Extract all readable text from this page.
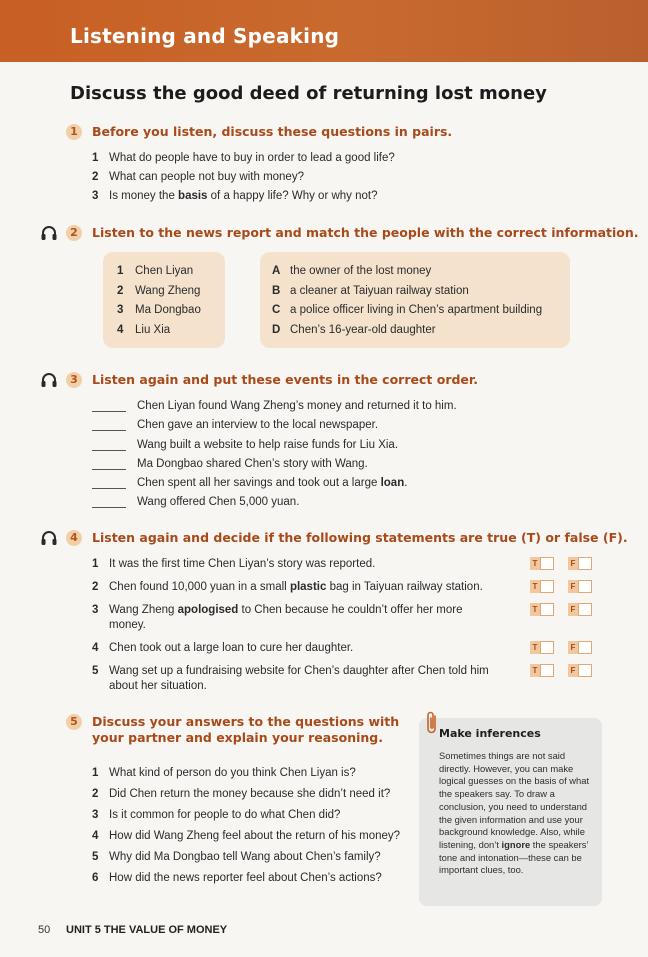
Listening and Speaking
Discuss the good deed of returning lost money
1	Before you listen, discuss these questions in pairs.
1 What do people have to buy in order to lead a good life?
2 What can people not buy with money?
3 Is money the basis of a happy life? Why or why not?
2	Listen to the news report and match the people with the correct information.
1 Chen Liyan
2 Wang Zheng
3 Ma Dongbao
4 Liu Xia
A the owner of the lost money
B a cleaner at Taiyuan railway station
C a police officer living in Chen’s apartment building
D Chen’s 16-year-old daughter
3	Listen again and put these events in the correct order.
Chen Liyan found Wang Zheng’s money and returned it to him.
Chen gave an interview to the local newspaper.
Wang built a website to help raise funds for Liu Xia.
Ma Dongbao shared Chen’s story with Wang.
Chen spent all her savings and took out a large loan.
Wang offered Chen 5,000 yuan.
4	Listen again and decide if the following statements are true (T) or false (F).
1 It was the first time Chen Liyan’s story was reported.	T	F
2 Chen found 10,000 yuan in a small plastic bag in Taiyuan railway station.	T	F
3 Wang Zheng apologised to Chen because he couldn’t offer her more money.
T	F
4 Chen took out a large loan to cure her daughter.	T	F
5 Wang set up a fundraising website for Chen’s daughter after Chen told him about her situation.
T	F
5	Discuss your answers to the questions with your partner and explain your reasoning.
1 What kind of person do you think Chen Liyan is?
2 Did Chen return the money because she didn’t need it?
3 Is it common for people to do what Chen did?
4 How did Wang Zheng feel about the return of his money?
5 Why did Ma Dongbao tell Wang about Chen’s family?
6 How did the news reporter feel about Chen’s actions?
Make inferences
Sometimes things are not said directly. However, you can make logical guesses on the basis of what the speakers say. To draw a conclusion, you need to understand the given information and use your background knowledge. Also, while listening, don’t ignore the speakers’ tone and intonation—these can be important clues, too.
50 UNIT 5 THE VALUE OF MONEY
